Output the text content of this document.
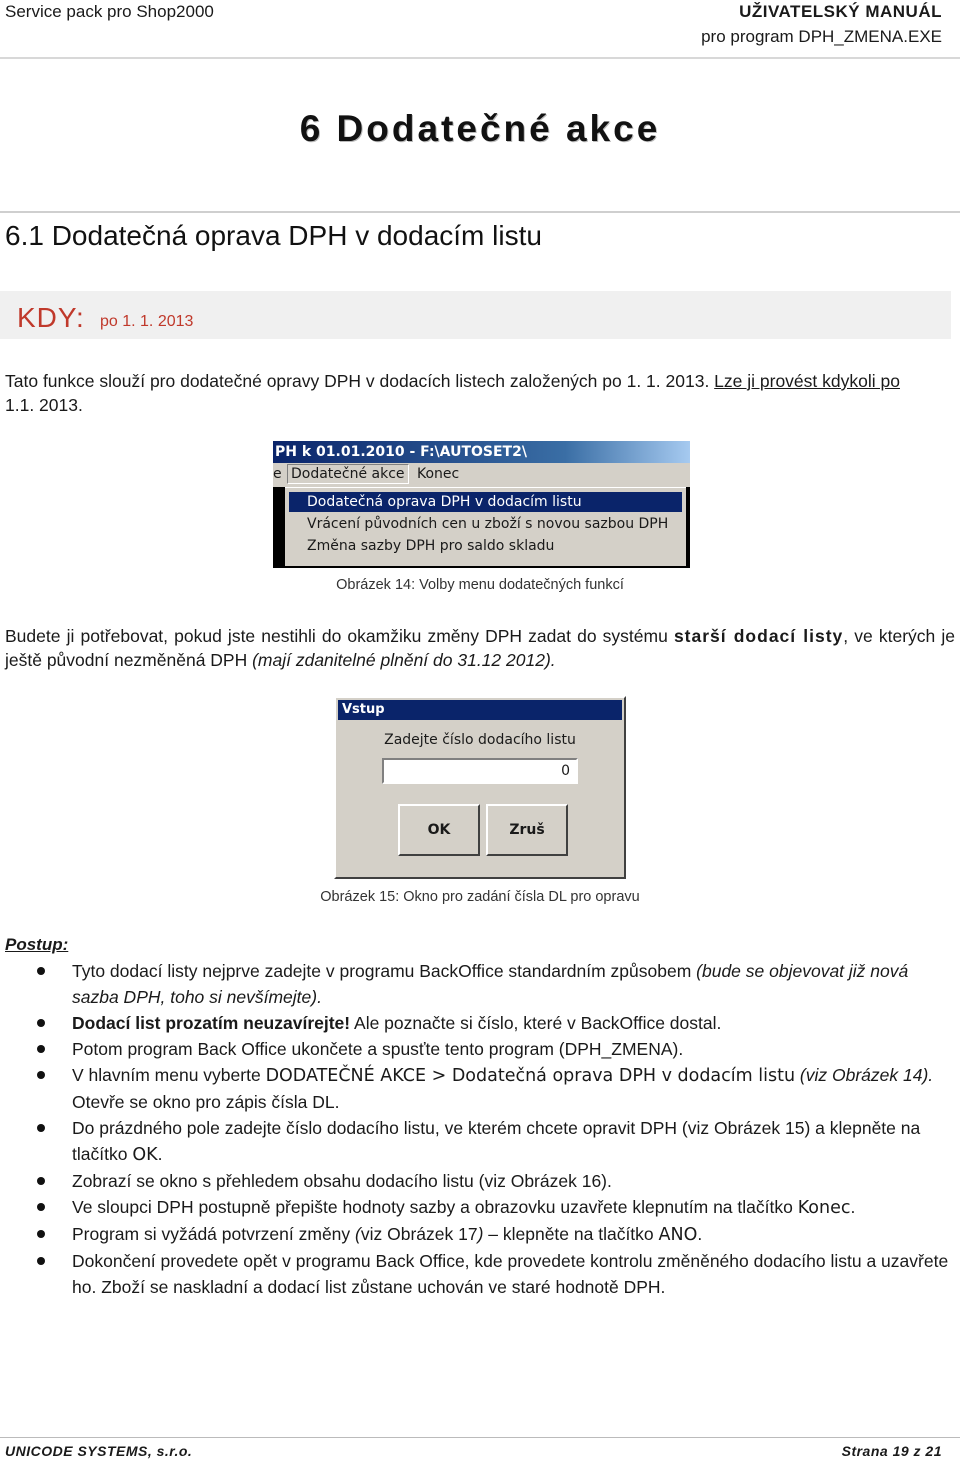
Service pack pro Shop2000	UŽIVATELSKÝ MANUÁL
pro program DPH_ZMENA.EXE
6 Dodatečné akce
6.1 Dodatečná oprava DPH v dodacím listu
KDY: po 1. 1. 2013
Tato funkce slouží pro dodatečné opravy DPH v dodacích listech založených po 1. 1. 2013. Lze ji provést kdykoli po
1.1. 2013.
PH k 01.01.2010 - F:\AUTOSET2\
e Dodatečné akce Konec
Dodatečná oprava DPH v dodacím listu
Vrácení původních cen u zboží s novou sazbou DPH
Změna sazby DPH pro saldo skladu
Obrázek 14: Volby menu dodatečných funkcí
Budete ji potřebovat, pokud jste nestihli do okamžiku změny DPH zadat do systému starší dodací listy, ve kterých je ještě původní nezměněná DPH (mají zdanitelné plnění do 31.12 2012).
Vstup
Zadejte číslo dodacího listu
0
OK	Zruš
Obrázek 15: Okno pro zadání čísla DL pro opravu
Postup:
Tyto dodací listy nejprve zadejte v programu BackOffice standardním způsobem (bude se objevovat již nová sazba DPH, toho si nevšímejte).
Dodací list prozatím neuzavírejte! Ale poznačte si číslo, které v BackOffice dostal.
Potom program Back Office ukončete a spusťte tento program (DPH_ZMENA).
V hlavním menu vyberte DODATEČNÉ AKCE > Dodatečná oprava DPH v dodacím listu (viz Obrázek 14). Otevře se okno pro zápis čísla DL.
Do prázdného pole zadejte číslo dodacího listu, ve kterém chcete opravit DPH (viz Obrázek 15) a klepněte na tlačítko OK.
Zobrazí se okno s přehledem obsahu dodacího listu (viz Obrázek 16).
Ve sloupci DPH postupně přepište hodnoty sazby a obrazovku uzavřete klepnutím na tlačítko Konec.
Program si vyžádá potvrzení změny (viz Obrázek 17) – klepněte na tlačítko ANO.
Dokončení provedete opět v programu Back Office, kde provedete kontrolu změněného dodacího listu a uzavřete ho. Zboží se naskladní a dodací list zůstane uchován ve staré hodnotě DPH.
UNICODE SYSTEMS, s.r.o.	Strana 19 z 21
